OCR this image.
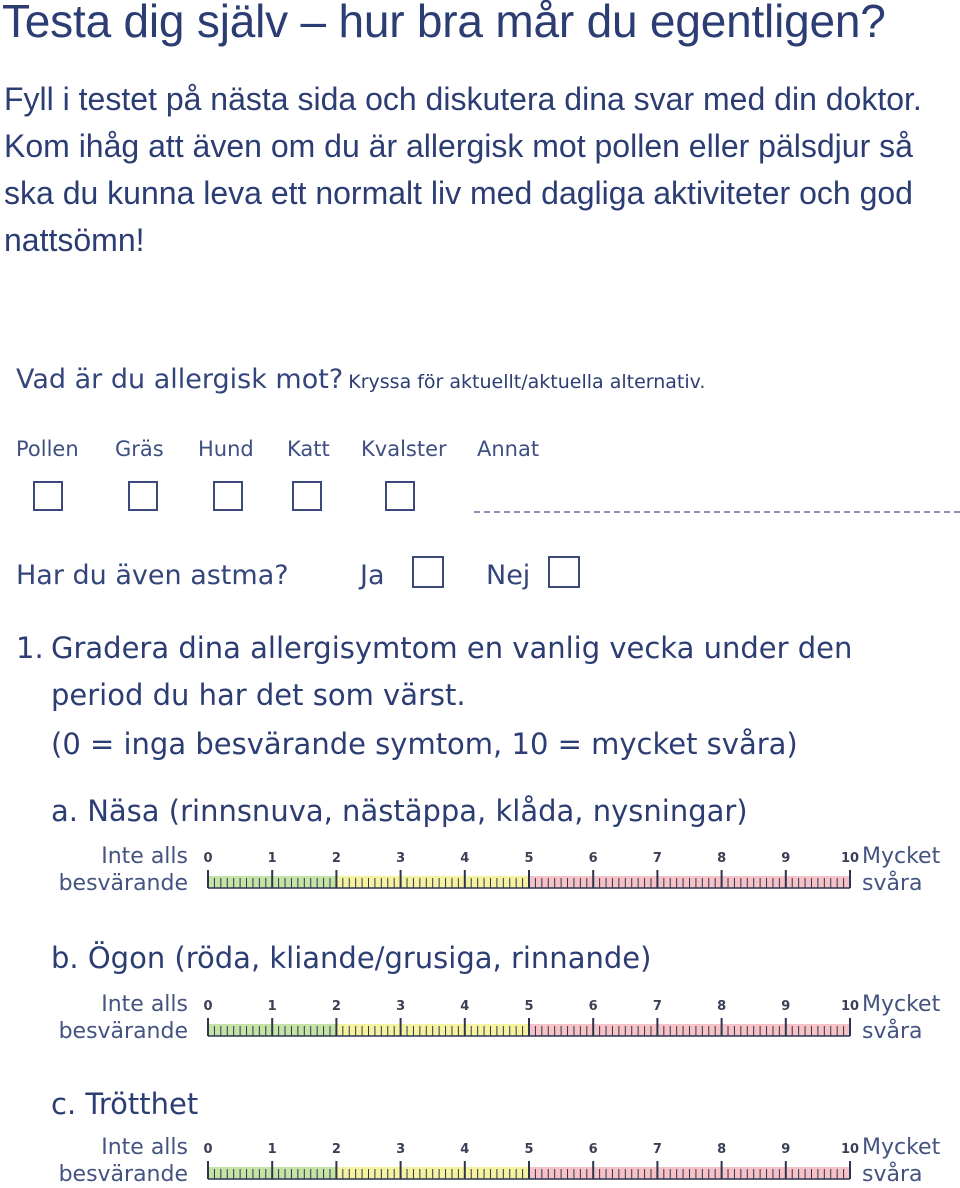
Testa dig själv – hur bra mår du egentligen?

Fyll i testet på nästa sida och diskutera dina svar med din doktor. Kom ihåg att även om du är allergisk mot pollen eller pälsdjur så ska du kunna leva ett normalt liv med dagliga aktiviteter och god nattsömn!

Vad är du allergisk mot? Kryssa för aktuellt/aktuella alternativ.
Pollen Gräs Hund Katt Kvalster Annat
Har du även astma?	Ja	Nej
1. Gradera dina allergisymtom en vanlig vecka under den
period du har det som värst.
(0 = inga besvärande symtom, 10 = mycket svåra)
a. Näsa (rinnsnuva, nästäppa, klåda, nysningar)
Inte alls
besvärande
0	1	2	3	4	5	6	7	8	9	10 Mycket
svåra
b. Ögon (röda, kliande/grusiga, rinnande)
Inte alls
besvärande
0	1	2	3	4	5	6	7	8	9	10 Mycket
svåra
c. Trötthet
Inte alls
besvärande
0	1	2	3	4	5	6	7	8	9	10 Mycket
svåra
